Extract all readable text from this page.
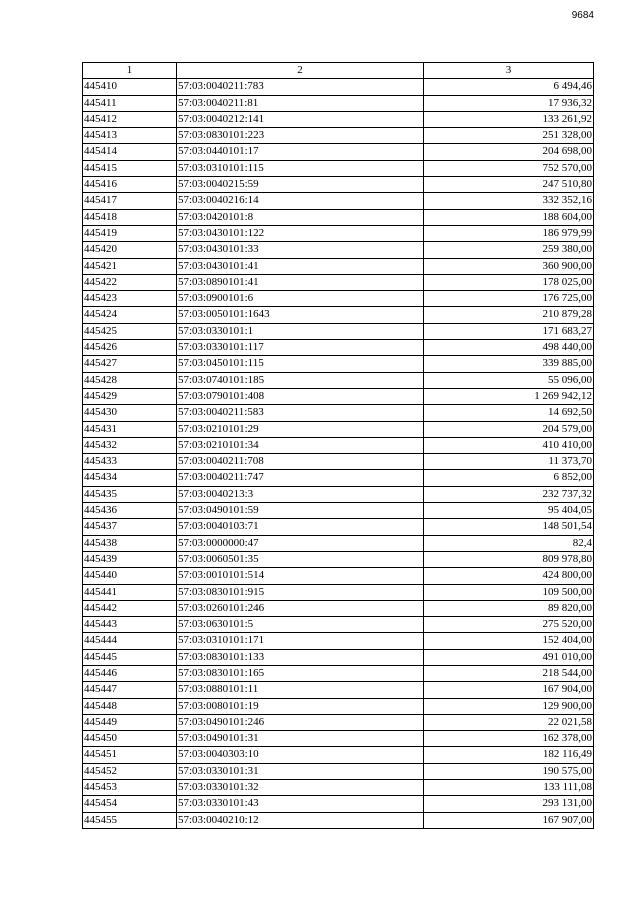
9684
1	2	3
445410	57:03:0040211:783	6 494,46
445411	57:03:0040211:81	17 936,32
445412	57:03:0040212:141	133 261,92
445413	57:03:0830101:223	251 328,00
445414	57:03:0440101:17	204 698,00
445415	57:03:0310101:115	752 570,00
445416	57:03:0040215:59	247 510,80
445417	57:03:0040216:14	332 352,16
445418	57:03:0420101:8	188 604,00
445419	57:03:0430101:122	186 979,99
445420	57:03:0430101:33	259 380,00
445421	57:03:0430101:41	360 900,00
445422	57:03:0890101:41	178 025,00
445423	57:03:0900101:6	176 725,00
445424	57:03:0050101:1643	210 879,28
445425	57:03:0330101:1	171 683,27
445426	57:03:0330101:117	498 440,00
445427	57:03:0450101:115	339 885,00
445428	57:03:0740101:185	55 096,00
445429	57:03:0790101:408	1 269 942,12
445430	57:03:0040211:583	14 692,50
445431	57:03:0210101:29	204 579,00
445432	57:03:0210101:34	410 410,00
445433	57:03:0040211:708	11 373,70
445434	57:03:0040211:747	6 852,00
445435	57:03:0040213:3	232 737,32
445436	57:03:0490101:59	95 404,05
445437	57:03:0040103:71	148 501,54
445438	57:03:0000000:47	82,4
445439	57:03:0060501:35	809 978,80
445440	57:03:0010101:514	424 800,00
445441	57:03:0830101:915	109 500,00
445442	57:03:0260101:246	89 820,00
445443	57:03:0630101:5	275 520,00
445444	57:03:0310101:171	152 404,00
445445	57:03:0830101:133	491 010,00
445446	57:03:0830101:165	218 544,00
445447	57:03:0880101:11	167 904,00
445448	57:03:0080101:19	129 900,00
445449	57:03:0490101:246	22 021,58
445450	57:03:0490101:31	162 378,00
445451	57:03:0040303:10	182 116,49
445452	57:03:0330101:31	190 575,00
445453	57:03:0330101:32	133 111,08
445454	57:03:0330101:43	293 131,00
445455	57:03:0040210:12	167 907,00
